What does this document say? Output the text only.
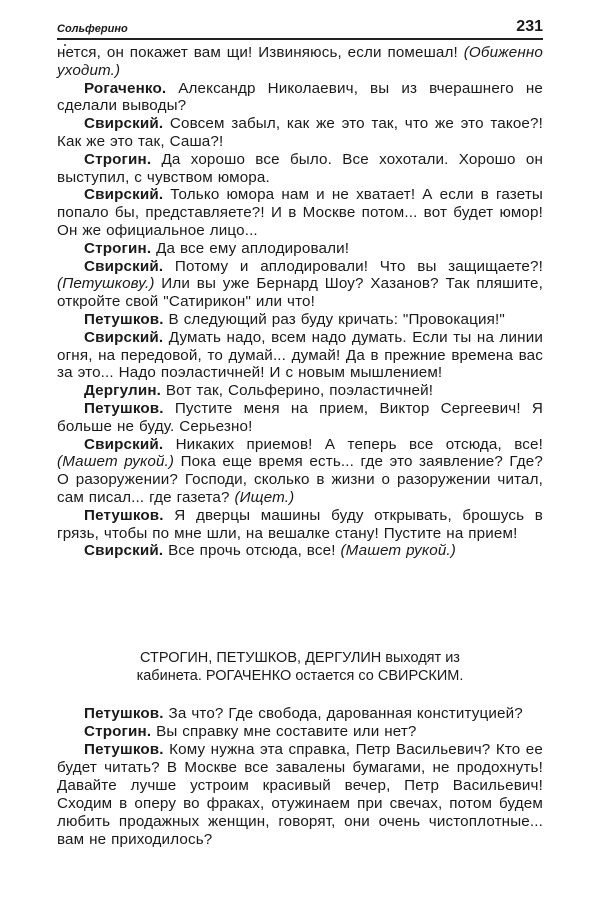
Сольферино	231

нется, он покажет вам щи! Извиняюсь, если помешал! (Обиженно уходит.)

Рогаченко. Александр Николаевич, вы из вчерашнего не сделали выводы?

Свирский. Совсем забыл, как же это так, что же это такое?! Как же это так, Саша?!

Строгин. Да хорошо все было. Все хохотали. Хорошо он выступил, с чувством юмора.

Свирский. Только юмора нам и не хватает! А если в газеты попало бы, представляете?! И в Москве потом... вот будет юмор! Он же официальное лицо...

Строгин. Да все ему аплодировали!

Свирский. Потому и аплодировали! Что вы защищаете?! (Петушкову.) Или вы уже Бернард Шоу? Хазанов? Так пляшите, откройте свой "Сатирикон" или что!

Петушков. В следующий раз буду кричать: "Провокация!"

Свирский. Думать надо, всем надо думать. Если ты на линии огня, на передовой, то думай... думай! Да в прежние времена вас за это... Надо поэластичней! И с новым мышлением!

Дергулин. Вот так, Сольферино, поэластичней!

Петушков. Пустите меня на прием, Виктор Сергеевич! Я больше не буду. Серьезно!

Свирский. Никаких приемов! А теперь все отсюда, все! (Машет рукой.) Пока еще время есть... где это заявление? Где? О разоружении? Господи, сколько в жизни о разоружении читал, сам писал... где газета? (Ищет.)

Петушков. Я дверцы машины буду открывать, брошусь в грязь, чтобы по мне шли, на вешалке стану! Пустите на прием!

Свирский. Все прочь отсюда, все! (Машет рукой.)

СТРОГИН, ПЕТУШКОВ, ДЕРГУЛИН выходят из
кабинета. РОГАЧЕНКО остается со СВИРСКИМ.

Петушков. За что? Где свобода, дарованная конституцией?

Строгин. Вы справку мне составите или нет?

Петушков. Кому нужна эта справка, Петр Васильевич? Кто ее будет читать? В Москве все завалены бумагами, не продохнуть! Давайте лучше устроим красивый вечер, Петр Васильевич! Сходим в оперу во фраках, отужинаем при свечах, потом будем любить продажных женщин, говорят, они очень чистоплотные... вам не приходилось?
